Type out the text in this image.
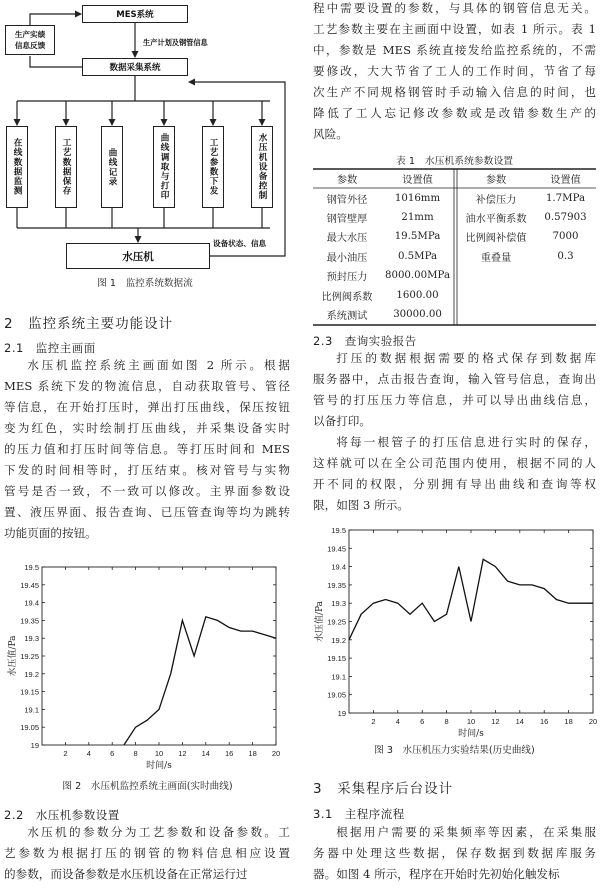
MES系统
生产实绩
信息反馈	生产计划及钢管信息
数据采集系统
水压机
设备状态、信息
在线数据监测	工艺数据保存	曲线记录	曲线调取与打印	工艺参数下发	水压机设备控制
图 1　监控系统数据流
程中需要设置的参数，与具体的钢管信息无关。
工艺参数主要在主画面中设置，如表 1 所示。表 1
中，参数是 MES 系统直接发给监控系统的，不需
要修改，大大节省了工人的工作时间，节省了每
次生产不同规格钢管时手动输入信息的时间，也
降低了工人忘记修改参数或是改错参数生产的
风险。
表 1　水压机系统参数设置
参数	设置值
钢管外径	1016mm
钢管壁厚	21mm
最大水压	19.5MPa
最小油压	0.5MPa
预封压力	8000.00MPa
比例阀系数	1600.00
系统测试	30000.00
参数	设置值
补偿压力	1.7MPa
油水平衡系数	0.57903
比例阀补偿值	7000
重叠量	0.3
2　监控系统主要功能设计
2.1　监控主画面
水压机监控系统主画面如图 2 所示。根据
MES 系统下发的物流信息，自动获取管号、管径
等信息，在开始打压时，弹出打压曲线，保压按钮
变为红色，实时绘制打压曲线，并采集设备实时
的压力值和打压时间等信息。等打压时间和 MES
下发的时间相等时，打压结束。核对管号与实物
管号是否一致，不一致可以修改。主界面参数设
置、液压界面、报告查询、已压管查询等均为跳转
功能页面的按钮。
19
19.05
19.1
19.15
19.2
19.25
19.3
19.35
19.4
19.45
19.5
2	4	6	8 10 12 14 16 18 20
时间/s
水压值/Pa
图 2　水压机监控系统主画面(实时曲线)
2.2　水压机参数设置
水压机的参数分为工艺参数和设备参数。工
艺参数为根据打压的钢管的物料信息相应设置
的参数，而设备参数是水压机设备在正常运行过
2.3　查询实验报告
打压的数据根据需要的格式保存到数据库
服务器中，点击报告查询，输入管号信息，查询出
管号的打压压力等信息，并可以导出曲线信息，
以备打印。
将每一根管子的打压信息进行实时的保存，
这样就可以在全公司范围内使用，根据不同的人
开不同的权限，分别拥有导出曲线和查询等权
限，如图 3 所示。
19
19.05
19.1
19.15
19.2
19.25
19.3
19.35
19.4
19.45
19.5
2	4	6	8 10 12 14 16 18 20
时间/s
水压值/Pa
图 3　水压机压力实验结果(历史曲线)
3　采集程序后台设计
3.1　主程序流程
根据用户需要的采集频率等因素，在采集服
务器中处理这些数据，保存数据到数据库服务
器。如图 4 所示，程序在开始时先初始化触发标
